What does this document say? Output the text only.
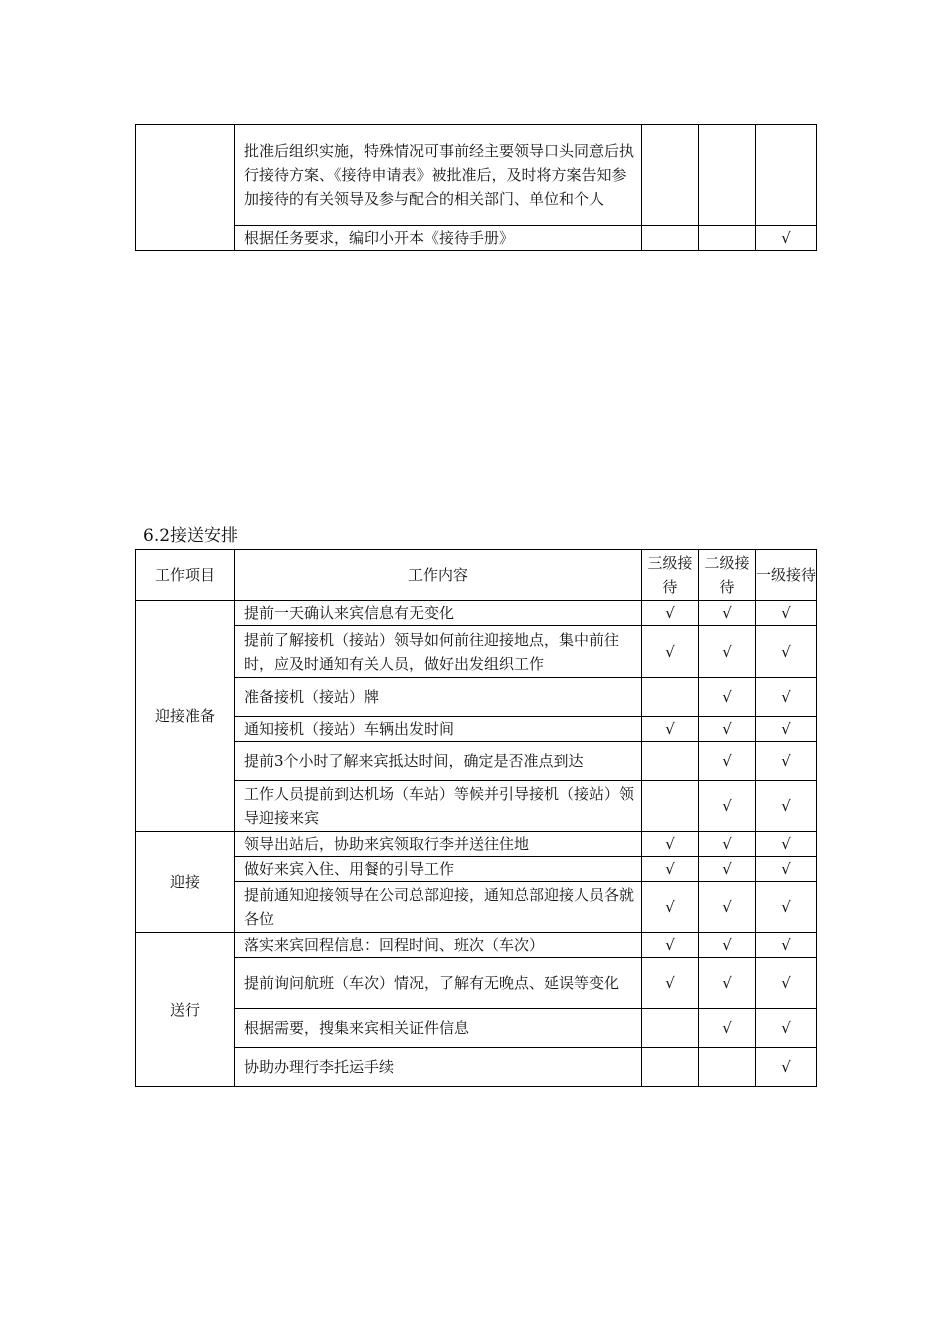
	批准后组织实施，特殊情况可事前经主要领导口头同意后执行接待方案、《接待申请表》被批准后，及时将方案告知参加接待的有关领导及参与配合的相关部门、单位和个人			
	根据任务要求，编印小开本《接待手册》			√
6.2接送安排
工作项目	工作内容	三级接待	二级接待	一级接待
迎接准备	提前一天确认来宾信息有无变化	√	√	√
	提前了解接机（接站）领导如何前往迎接地点，集中前往时，应及时通知有关人员，做好出发组织工作	√	√	√
	准备接机（接站）牌		√	√
	通知接机（接站）车辆出发时间	√	√	√
	提前3个小时了解来宾抵达时间，确定是否准点到达		√	√
	工作人员提前到达机场（车站）等候并引导接机（接站）领导迎接来宾		√	√
迎接	领导出站后，协助来宾领取行李并送往住地	√	√	√
	做好来宾入住、用餐的引导工作	√	√	√
	提前通知迎接领导在公司总部迎接，通知总部迎接人员各就各位	√	√	√
送行	落实来宾回程信息：回程时间、班次（车次）	√	√	√
	提前询问航班（车次）情况，了解有无晚点、延误等变化	√	√	√
	根据需要，搜集来宾相关证件信息		√	√
	协助办理行李托运手续			√
